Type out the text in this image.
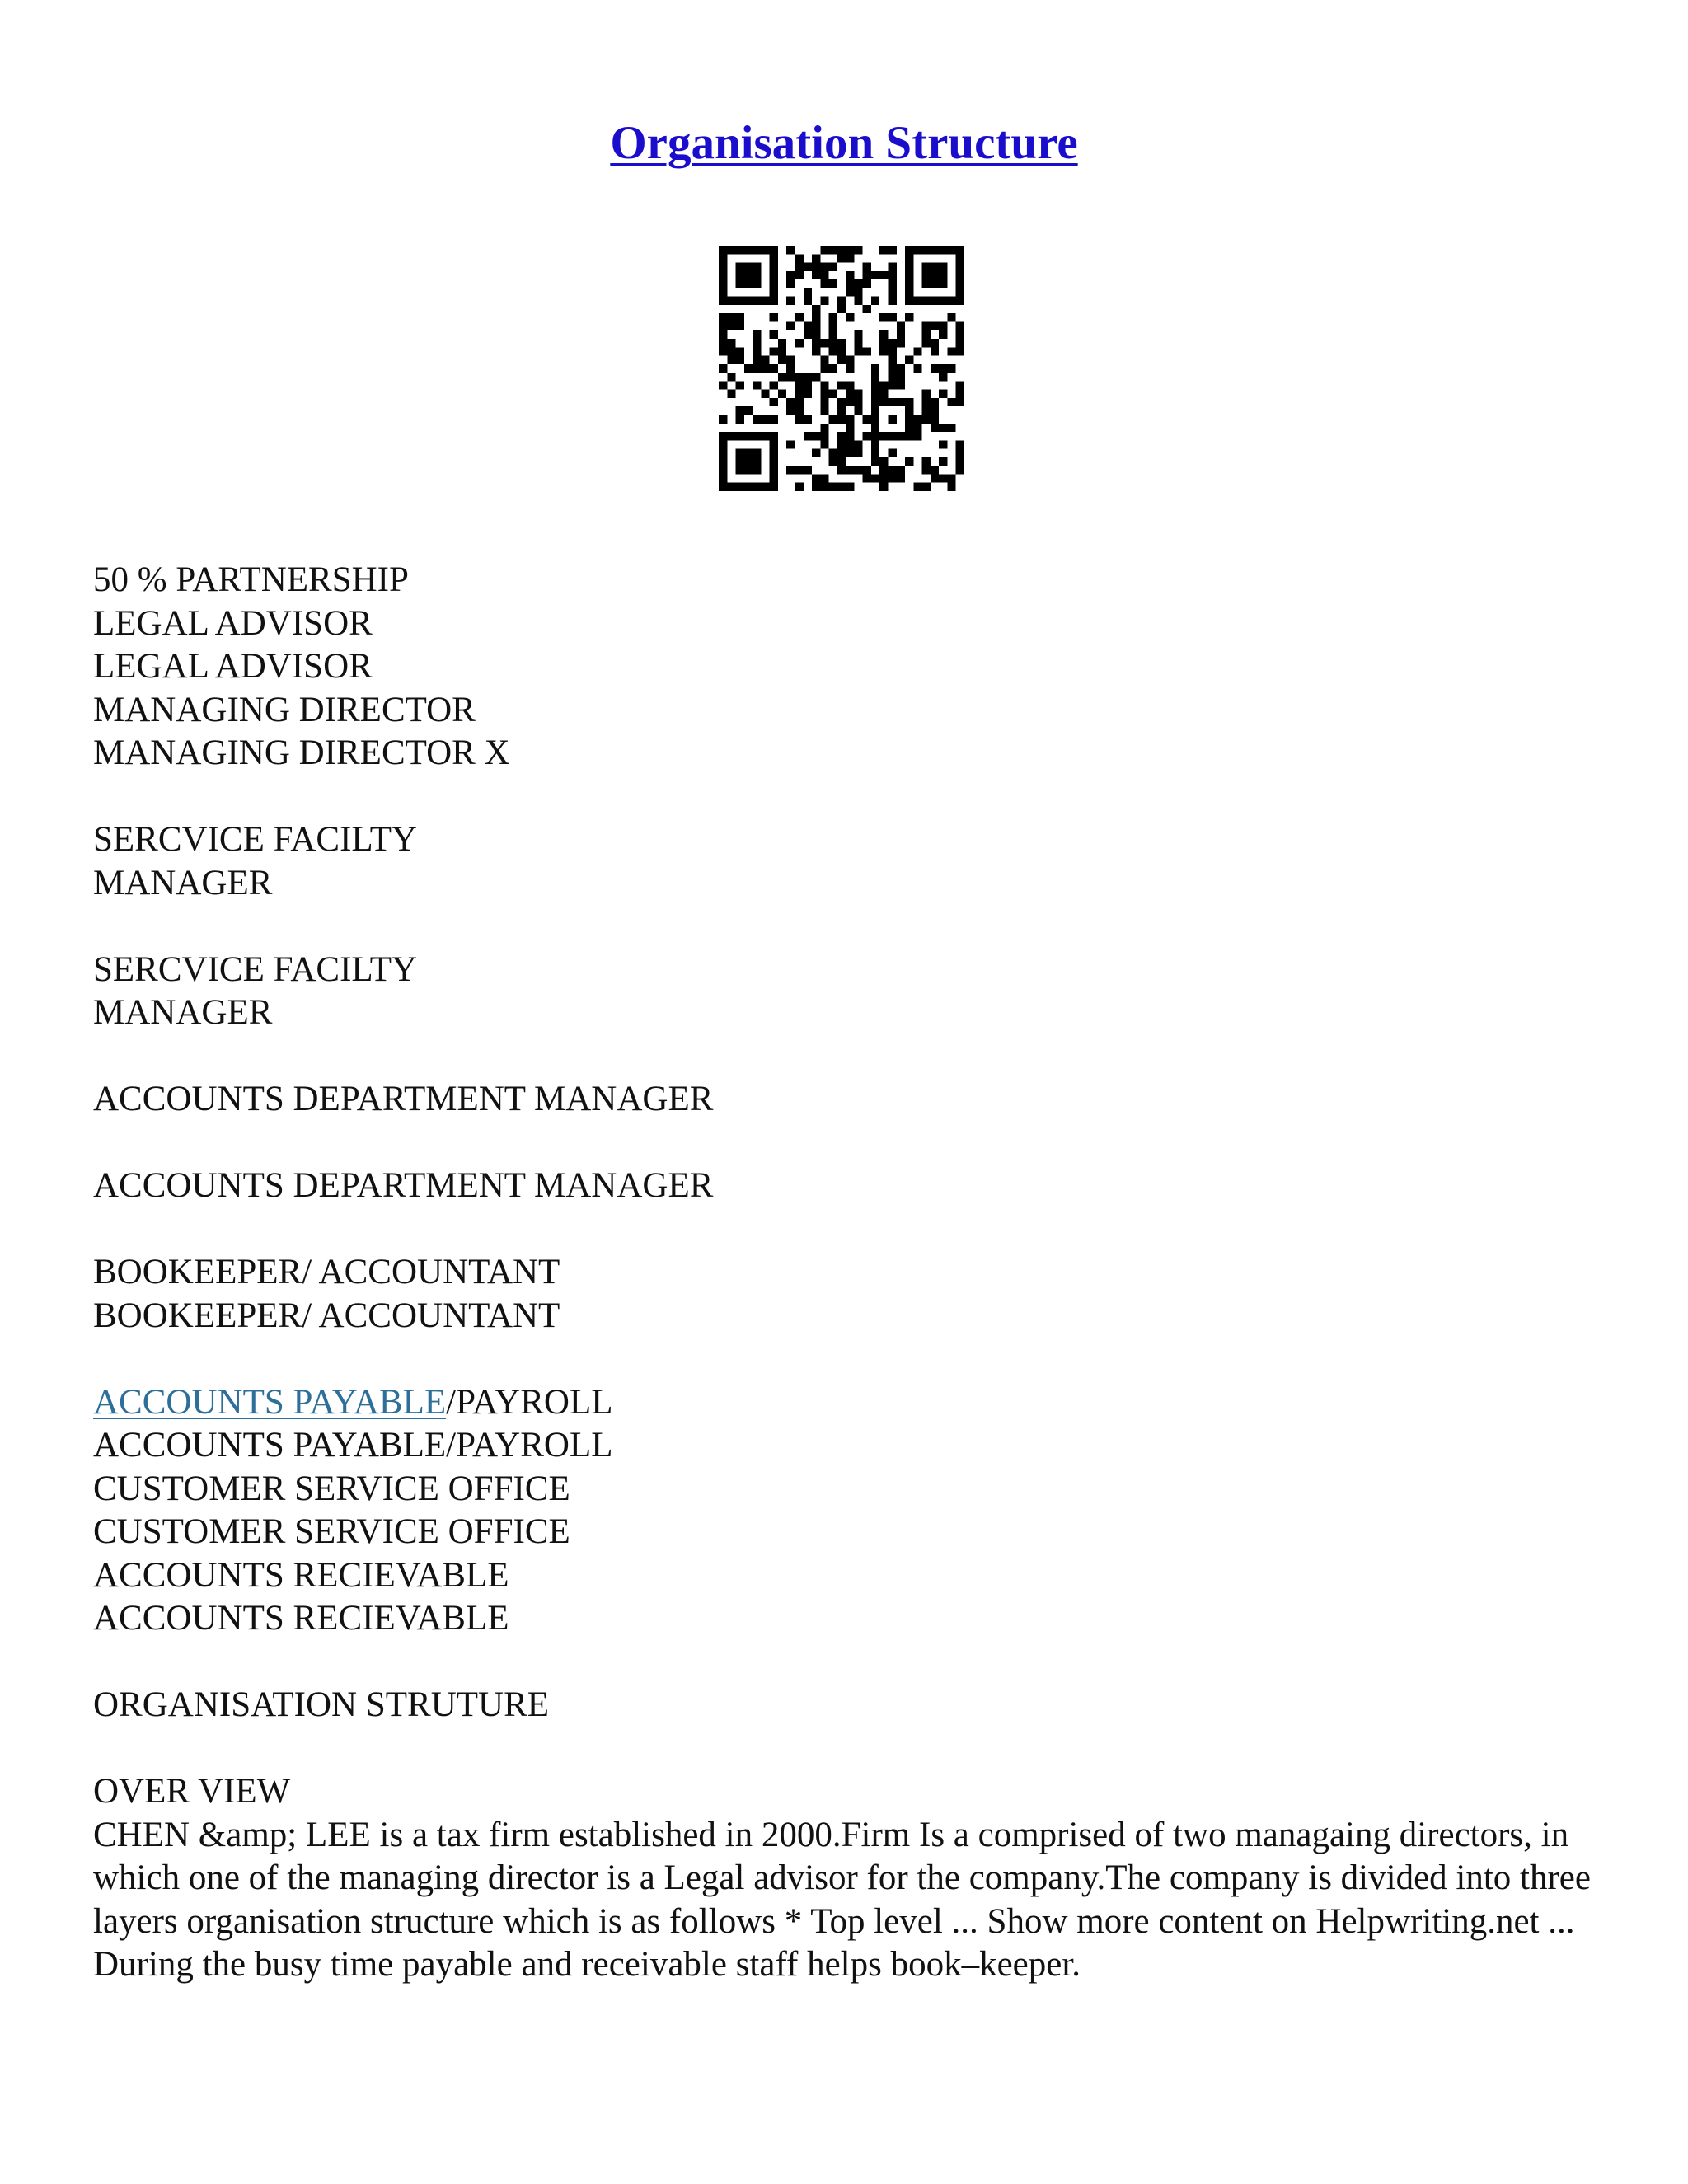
Organisation Structure
50 % PARTNERSHIP
LEGAL ADVISOR
LEGAL ADVISOR
MANAGING DIRECTOR
MANAGING DIRECTOR X
SERCVICE FACILTY
MANAGER
SERCVICE FACILTY
MANAGER
ACCOUNTS DEPARTMENT MANAGER
ACCOUNTS DEPARTMENT MANAGER
BOOKEEPER/ ACCOUNTANT
BOOKEEPER/ ACCOUNTANT
ACCOUNTS PAYABLE/PAYROLL
ACCOUNTS PAYABLE/PAYROLL
CUSTOMER SERVICE OFFICE
CUSTOMER SERVICE OFFICE
ACCOUNTS RECIEVABLE
ACCOUNTS RECIEVABLE
ORGANISATION STRUTURE
OVER VIEW
CHEN &amp; LEE is a tax firm established in 2000.Firm Is a comprised of two managaing directors, in which one of the managing director is a Legal advisor for the company.The company is divided into three layers organisation structure which is as follows * Top level ... Show more content on Helpwriting.net ...
During the busy time payable and receivable staff helps book–keeper.
